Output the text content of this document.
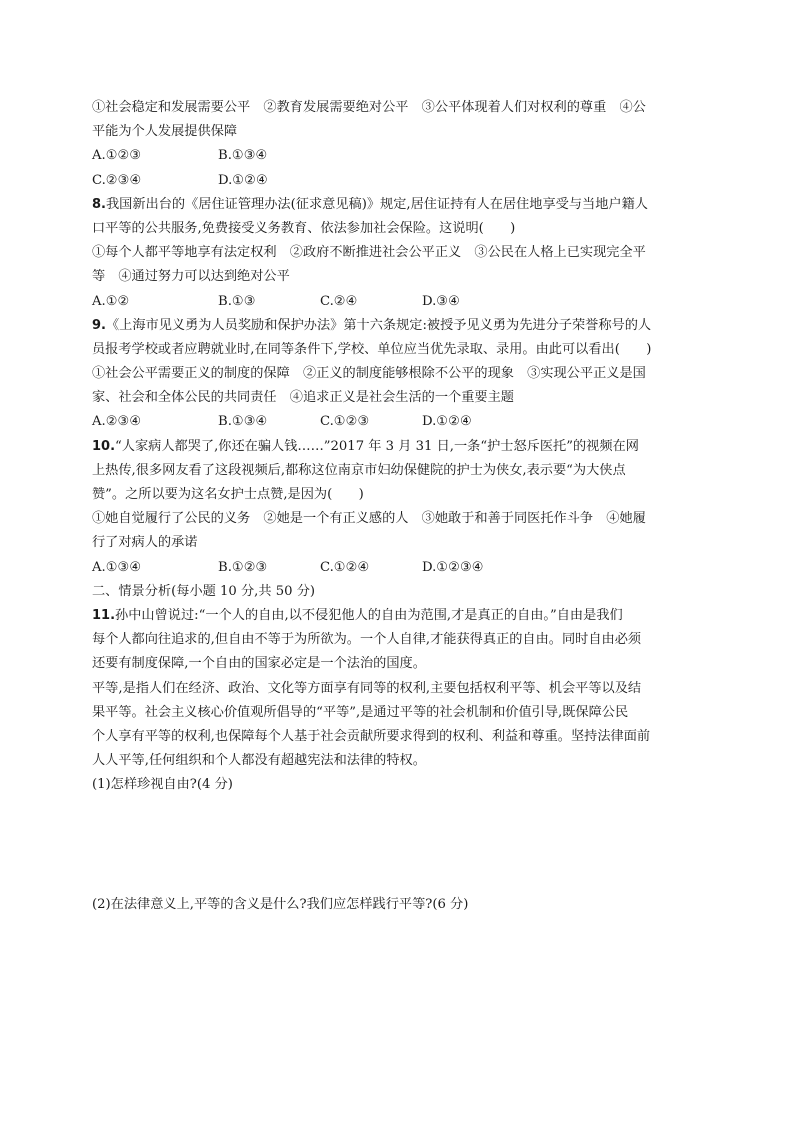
①社会稳定和发展需要公平　②教育发展需要绝对公平　③公平体现着人们对权利的尊重　④公
平能为个人发展提供保障
A.①②③	B.①③④
C.②③④	D.①②④
8.我国新出台的《居住证管理办法(征求意见稿)》规定,居住证持有人在居住地享受与当地户籍人
口平等的公共服务,免费接受义务教育、依法参加社会保险。这说明(　　)
①每个人都平等地享有法定权利　②政府不断推进社会公平正义　③公民在人格上已实现完全平
等　④通过努力可以达到绝对公平
A.①②	B.①③	C.②④	D.③④
9.《上海市见义勇为人员奖励和保护办法》第十六条规定:被授予见义勇为先进分子荣誉称号的人
员报考学校或者应聘就业时,在同等条件下,学校、单位应当优先录取、录用。由此可以看出(　　)
①社会公平需要正义的制度的保障　②正义的制度能够根除不公平的现象　③实现公平正义是国
家、社会和全体公民的共同责任　④追求正义是社会生活的一个重要主题
A.②③④	B.①③④	C.①②③	D.①②④
10.“人家病人都哭了,你还在骗人钱……”2017 年 3 月 31 日,一条“护士怒斥医托”的视频在网
上热传,很多网友看了这段视频后,都称这位南京市妇幼保健院的护士为侠女,表示要“为大侠点
赞”。之所以要为这名女护士点赞,是因为(　　)
①她自觉履行了公民的义务　②她是一个有正义感的人　③她敢于和善于同医托作斗争　④她履
行了对病人的承诺
A.①③④	B.①②③	C.①②④	D.①②③④
二、情景分析(每小题 10 分,共 50 分)
11.孙中山曾说过:“一个人的自由,以不侵犯他人的自由为范围,才是真正的自由。”自由是我们
每个人都向往追求的,但自由不等于为所欲为。一个人自律,才能获得真正的自由。同时自由必须
还要有制度保障,一个自由的国家必定是一个法治的国度。
平等,是指人们在经济、政治、文化等方面享有同等的权利,主要包括权利平等、机会平等以及结
果平等。社会主义核心价值观所倡导的“平等”,是通过平等的社会机制和价值引导,既保障公民
个人享有平等的权利,也保障每个人基于社会贡献所要求得到的权利、利益和尊重。坚持法律面前
人人平等,任何组织和个人都没有超越宪法和法律的特权。
(1)怎样珍视自由?(4 分)
(2)在法律意义上,平等的含义是什么?我们应怎样践行平等?(6 分)
